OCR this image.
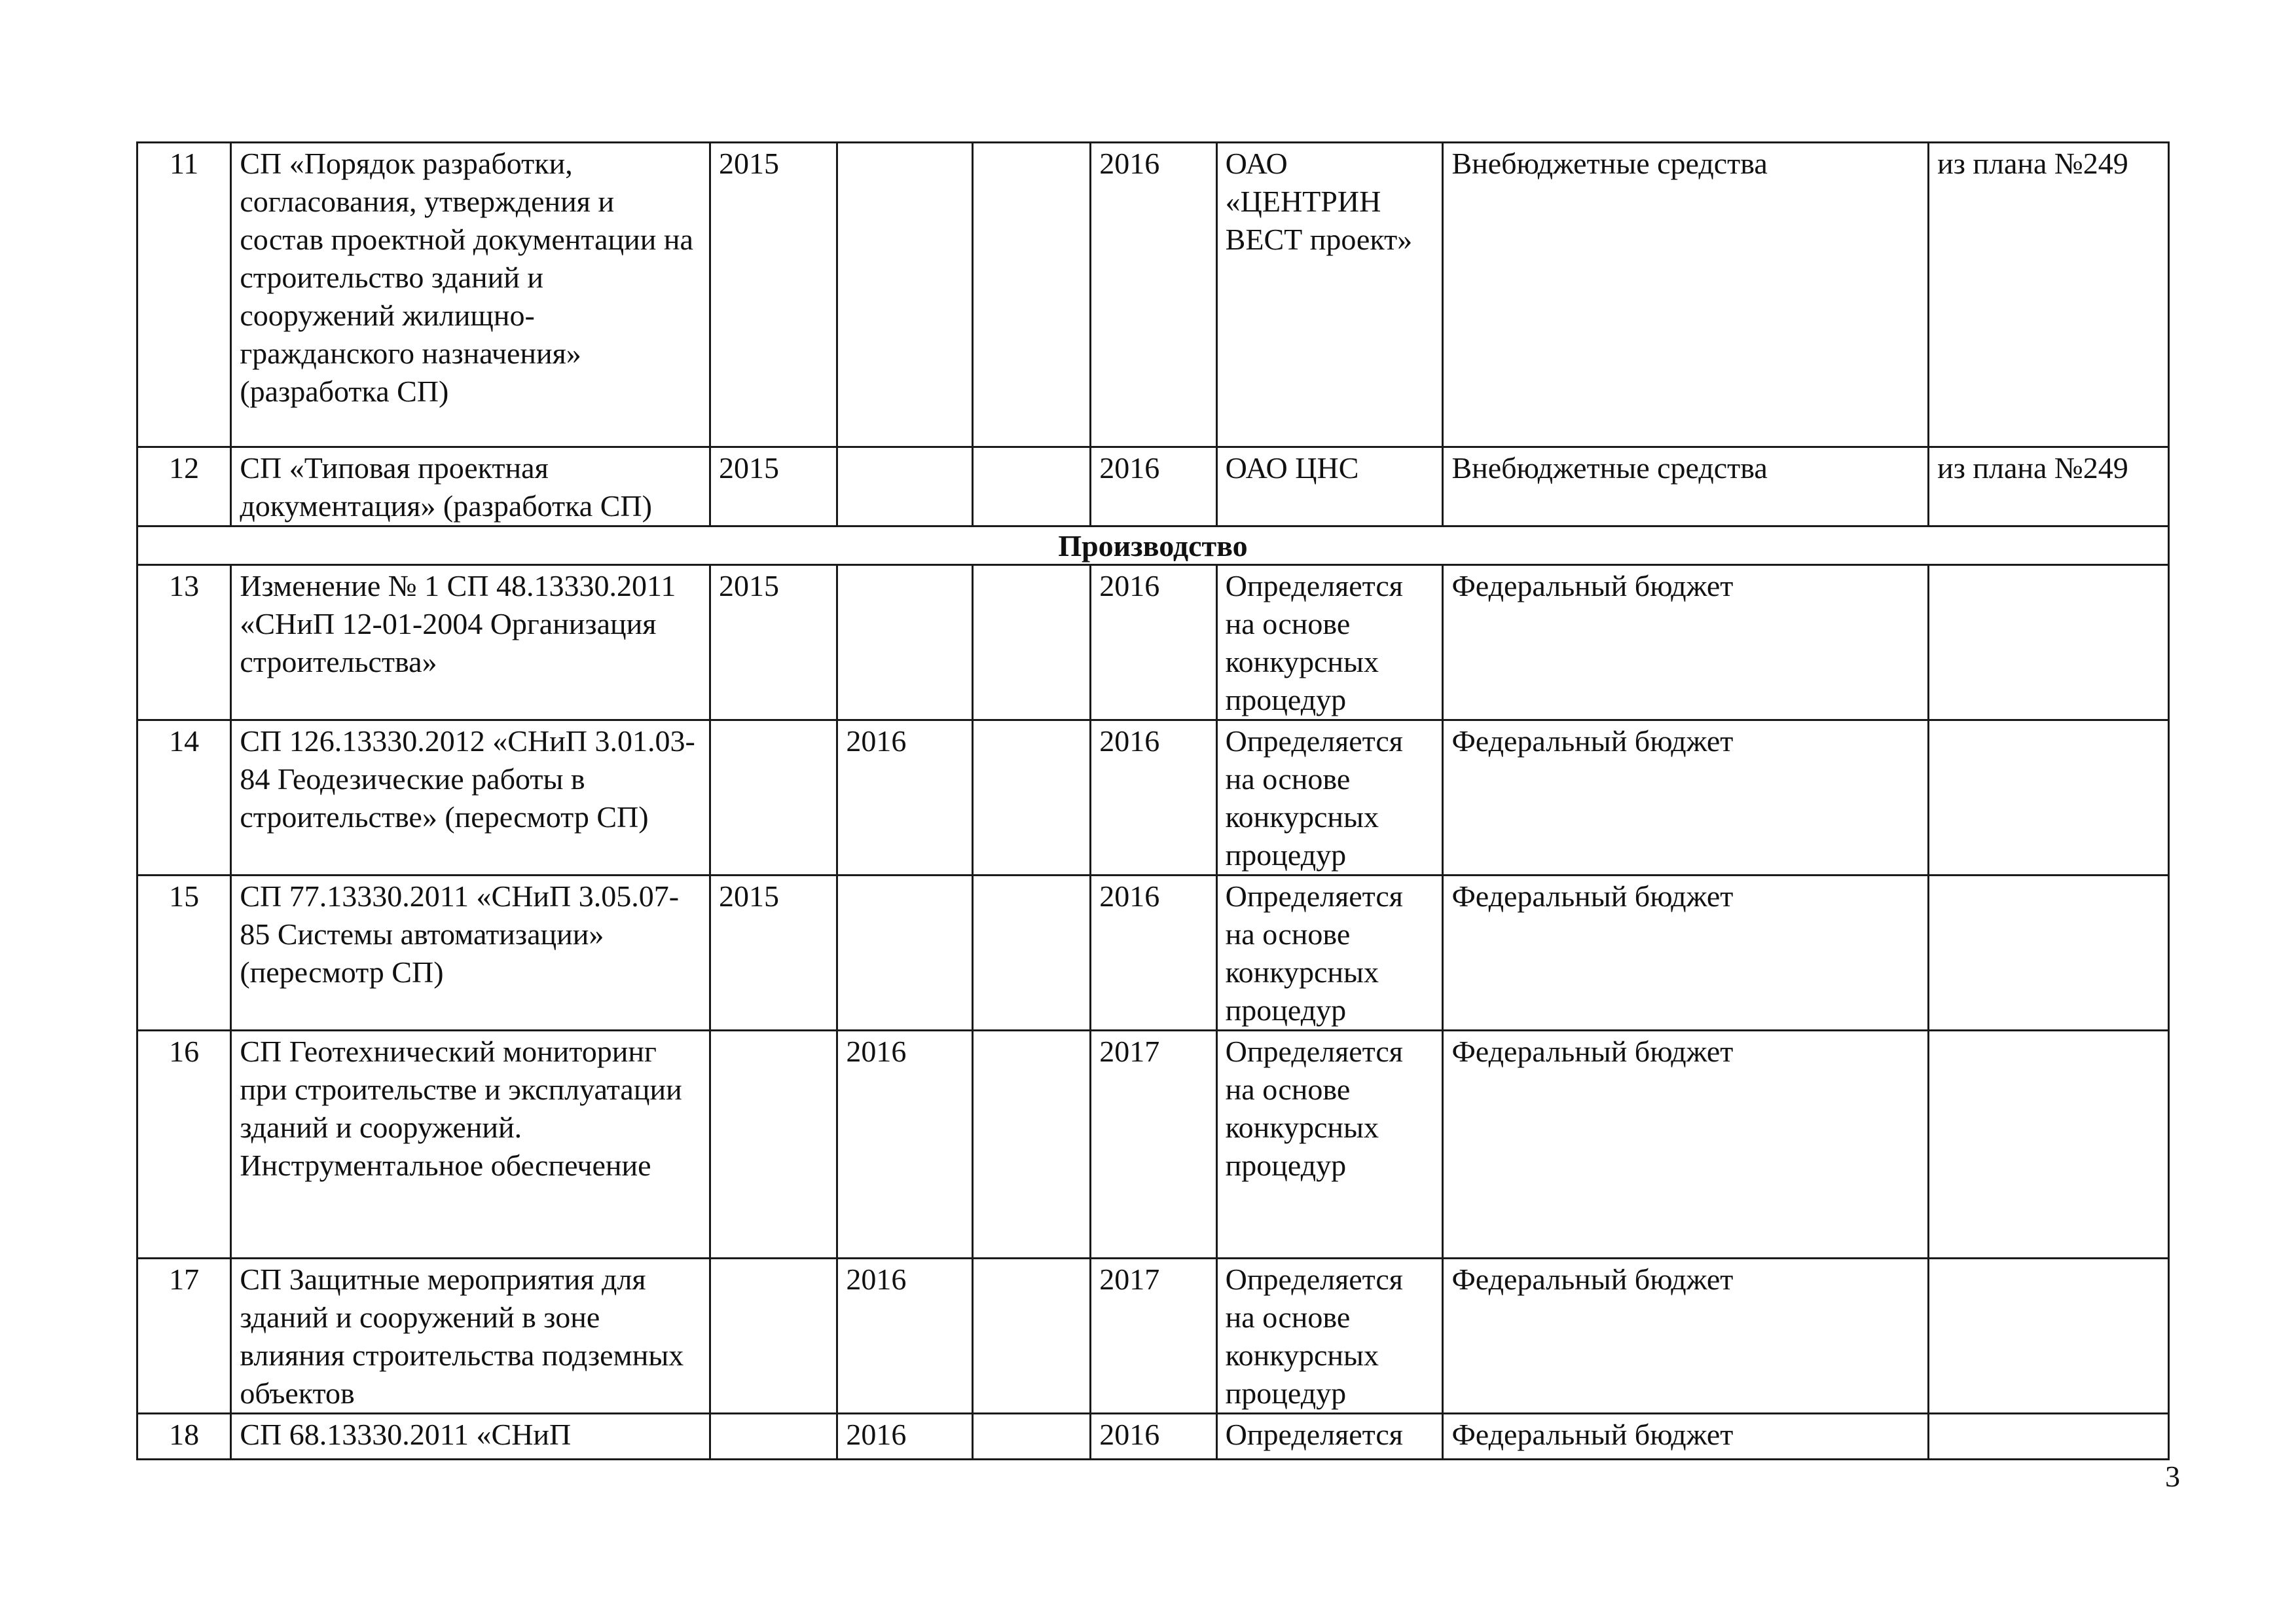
11	СП «Порядок разработки, согласования, утверждения и состав проектной документации на строительство зданий и сооружений жилищно-гражданского назначения» (разработка СП)	2015			2016	ОАО «ЦЕНТРИН ВЕСТ проект»	Внебюджетные средства	из плана №249
12	СП «Типовая проектная документация» (разработка СП)	2015			2016	ОАО ЦНС	Внебюджетные средства	из плана №249
Производство								
13	Изменение № 1 СП 48.13330.2011 «СНиП 12-01-2004 Организация строительства»	2015			2016	Определяется на основе конкурсных процедур	Федеральный бюджет	
14	СП 126.13330.2012 «СНиП 3.01.03-84 Геодезические работы в строительстве» (пересмотр СП)		2016		2016	Определяется на основе конкурсных процедур	Федеральный бюджет	
15	СП 77.13330.2011 «СНиП 3.05.07-85 Системы автоматизации» (пересмотр СП)	2015			2016	Определяется на основе конкурсных процедур	Федеральный бюджет	
16	СП Геотехнический мониторинг при строительстве и эксплуатации зданий и сооружений. Инструментальное обеспечение		2016		2017	Определяется на основе конкурсных процедур	Федеральный бюджет	
17	СП Защитные мероприятия для зданий и сооружений в зоне влияния строительства подземных объектов		2016		2017	Определяется на основе конкурсных процедур	Федеральный бюджет	
18	СП 68.13330.2011 «СНиП		2016		2016	Определяется	Федеральный бюджет	
3
